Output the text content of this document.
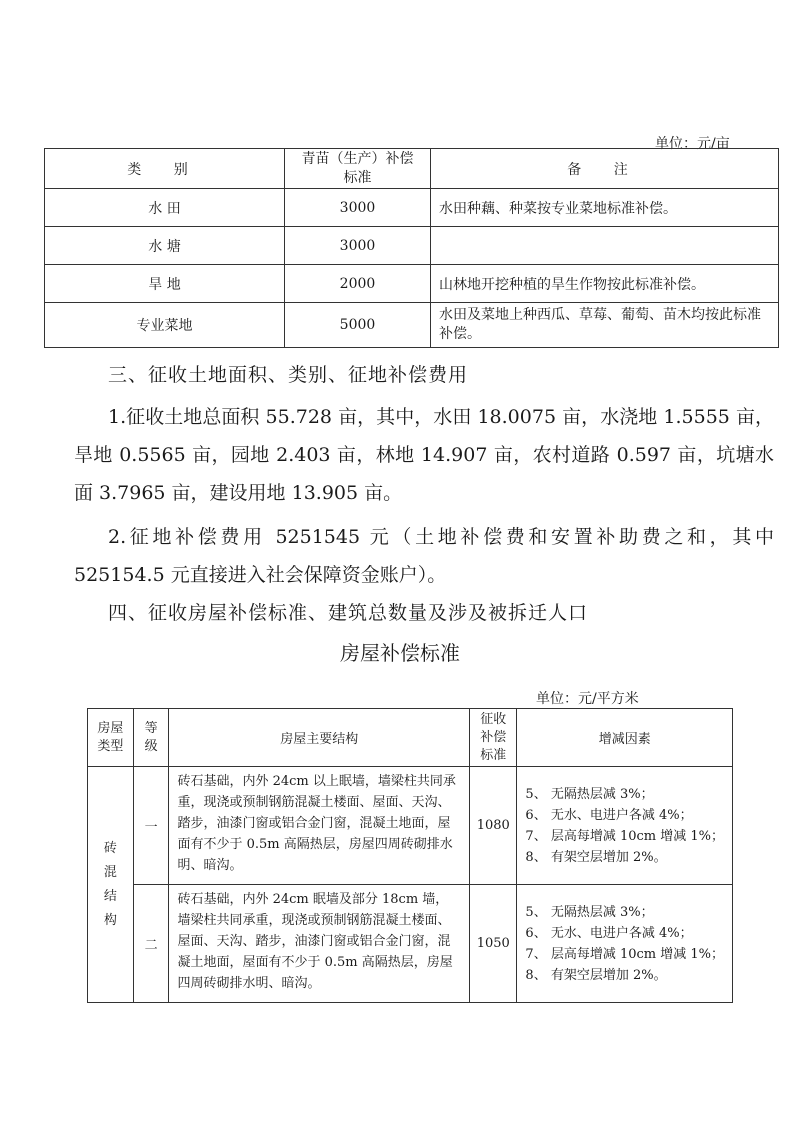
单位：元/亩
类 别	青苗（生产）补偿标准	备 注
水 田	3000	水田种藕、种菜按专业菜地标准补偿。
水 塘	3000	
旱 地	2000	山林地开挖种植的旱生作物按此标准补偿。
专业菜地	5000	水田及菜地上种西瓜、草莓、葡萄、苗木均按此标准补偿。
三、征收土地面积、类别、征地补偿费用
1.征收土地总面积 55.728 亩，其中，水田 18.0075 亩，水浇地 1.5555 亩，旱地 0.5565 亩，园地 2.403 亩，林地 14.907 亩，农村道路 0.597 亩，坑塘水面 3.7965 亩，建设用地 13.905 亩。
2.征地补偿费用 5251545 元（土地补偿费和安置补助费之和，其中 525154.5 元直接进入社会保障资金账户）。
四、征收房屋补偿标准、建筑总数量及涉及被拆迁人口
房屋补偿标准
单位：元/平方米
房屋类型	等级	房屋主要结构	征收补偿标准	增减因素
砖混结构	一	砖石基础，内外 24cm 以上眠墙，墙梁柱共同承重，现浇或预制钢筋混凝土楼面、屋面、天沟、踏步，油漆门窗或铝合金门窗，混凝土地面，屋面有不少于 0.5m 高隔热层，房屋四周砖砌排水明、暗沟。	1080	5、 无隔热层减 3%；
6、 无水、电进户各减 4%；
7、 层高每增减 10cm 增减 1%；
8、 有架空层增加 2%。

	二	砖石基础，内外 24cm 眠墙及部分 18cm 墙，墙梁柱共同承重，现浇或预制钢筋混凝土楼面、屋面、天沟、踏步，油漆门窗或铝合金门窗，混凝土地面，屋面有不少于 0.5m 高隔热层，房屋四周砖砌排水明、暗沟。	1050	5、 无隔热层减 3%；
6、 无水、电进户各减 4%；
7、 层高每增减 10cm 增减 1%；
8、 有架空层增加 2%。
